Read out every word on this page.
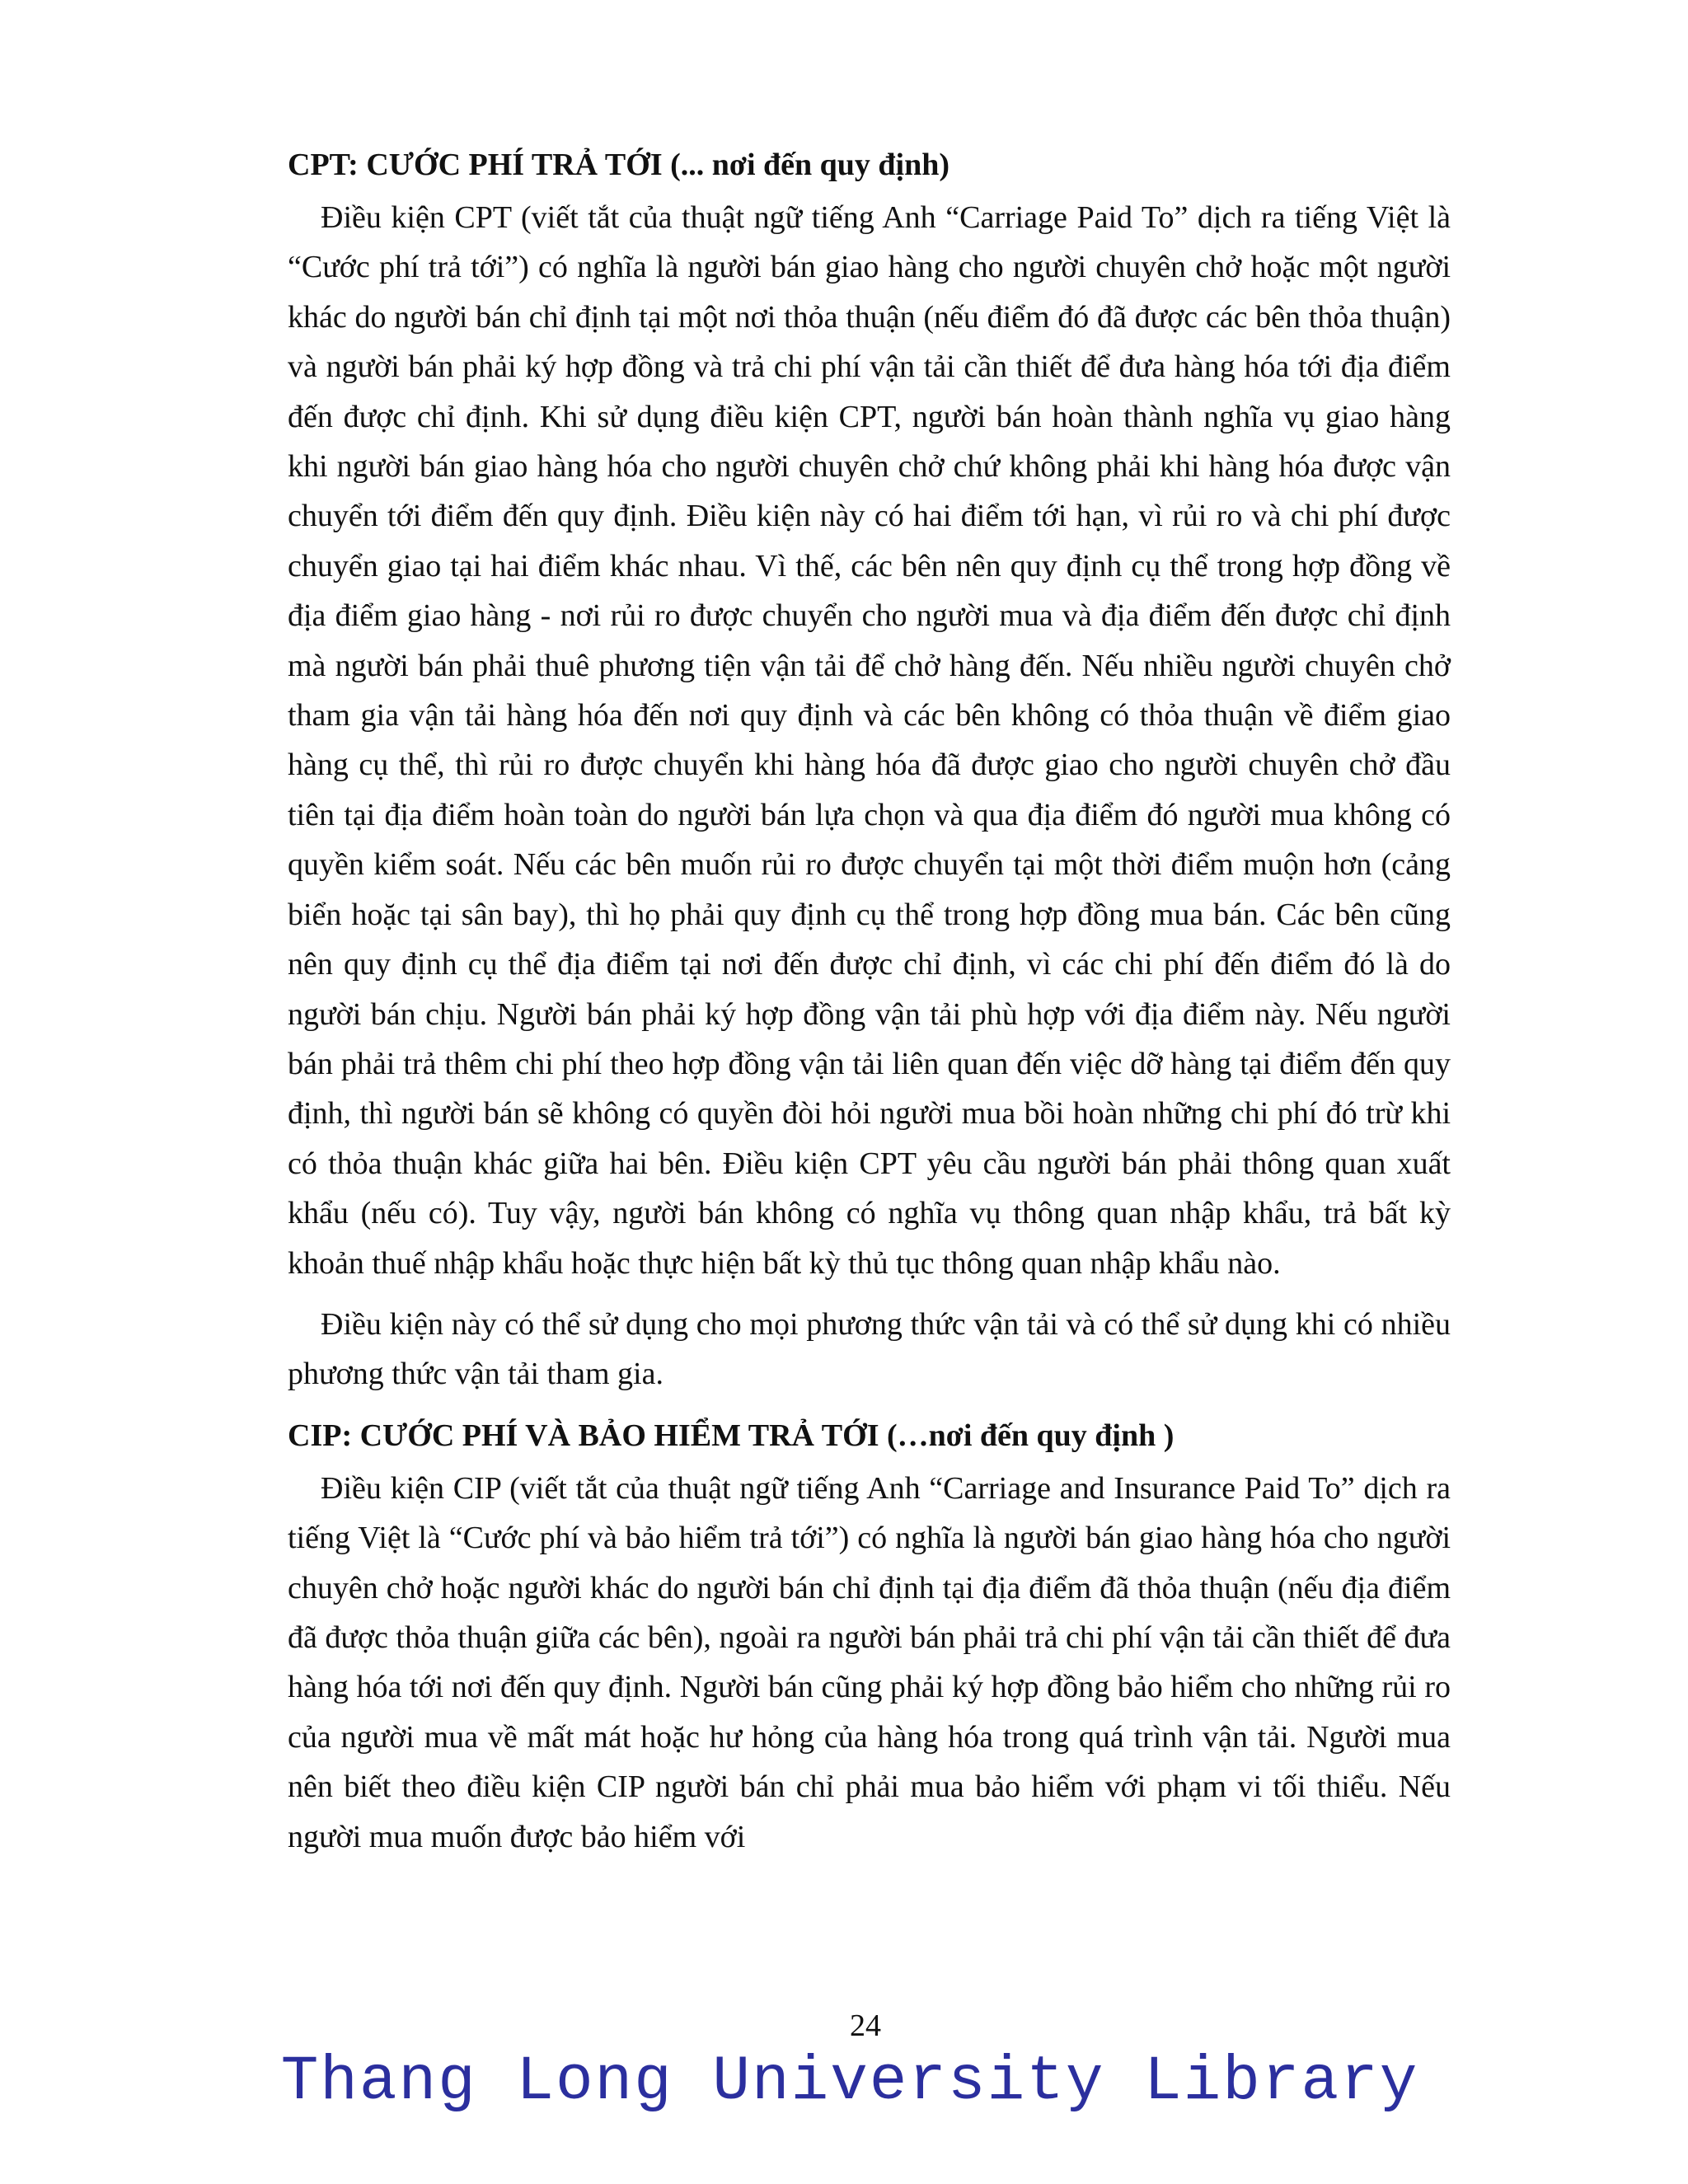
CPT: CƯỚC PHÍ TRẢ TỚI (... nơi đến quy định)

Điều kiện CPT (viết tắt của thuật ngữ tiếng Anh “Carriage Paid To” dịch ra tiếng Việt là “Cước phí trả tới”) có nghĩa là người bán giao hàng cho người chuyên chở hoặc một người khác do người bán chỉ định tại một nơi thỏa thuận (nếu điểm đó đã được các bên thỏa thuận) và người bán phải ký hợp đồng và trả chi phí vận tải cần thiết để đưa hàng hóa tới địa điểm đến được chỉ định. Khi sử dụng điều kiện CPT, người bán hoàn thành nghĩa vụ giao hàng khi người bán giao hàng hóa cho người chuyên chở chứ không phải khi hàng hóa được vận chuyển tới điểm đến quy định. Điều kiện này có hai điểm tới hạn, vì rủi ro và chi phí được chuyển giao tại hai điểm khác nhau. Vì thế, các bên nên quy định cụ thể trong hợp đồng về địa điểm giao hàng - nơi rủi ro được chuyển cho người mua và địa điểm đến được chỉ định mà người bán phải thuê phương tiện vận tải để chở hàng đến. Nếu nhiều người chuyên chở tham gia vận tải hàng hóa đến nơi quy định và các bên không có thỏa thuận về điểm giao hàng cụ thể, thì rủi ro được chuyển khi hàng hóa đã được giao cho người chuyên chở đầu tiên tại địa điểm hoàn toàn do người bán lựa chọn và qua địa điểm đó người mua không có quyền kiểm soát. Nếu các bên muốn rủi ro được chuyển tại một thời điểm muộn hơn (cảng biển hoặc tại sân bay), thì họ phải quy định cụ thể trong hợp đồng mua bán. Các bên cũng nên quy định cụ thể địa điểm tại nơi đến được chỉ định, vì các chi phí đến điểm đó là do người bán chịu. Người bán phải ký hợp đồng vận tải phù hợp với địa điểm này. Nếu người bán phải trả thêm chi phí theo hợp đồng vận tải liên quan đến việc dỡ hàng tại điểm đến quy định, thì người bán sẽ không có quyền đòi hỏi người mua bồi hoàn những chi phí đó trừ khi có thỏa thuận khác giữa hai bên. Điều kiện CPT yêu cầu người bán phải thông quan xuất khẩu (nếu có). Tuy vậy, người bán không có nghĩa vụ thông quan nhập khẩu, trả bất kỳ khoản thuế nhập khẩu hoặc thực hiện bất kỳ thủ tục thông quan nhập khẩu nào.

Điều kiện này có thể sử dụng cho mọi phương thức vận tải và có thể sử dụng khi có nhiều phương thức vận tải tham gia.

CIP: CƯỚC PHÍ VÀ BẢO HIỂM TRẢ TỚI (…nơi đến quy định )

Điều kiện CIP (viết tắt của thuật ngữ tiếng Anh “Carriage and Insurance Paid To” dịch ra tiếng Việt là “Cước phí và bảo hiểm trả tới”) có nghĩa là người bán giao hàng hóa cho người chuyên chở hoặc người khác do người bán chỉ định tại địa điểm đã thỏa thuận (nếu địa điểm đã được thỏa thuận giữa các bên), ngoài ra người bán phải trả chi phí vận tải cần thiết để đưa hàng hóa tới nơi đến quy định. Người bán cũng phải ký hợp đồng bảo hiểm cho những rủi ro của người mua về mất mát hoặc hư hỏng của hàng hóa trong quá trình vận tải. Người mua nên biết theo điều kiện CIP người bán chỉ phải mua bảo hiểm với phạm vi tối thiểu. Nếu người mua muốn được bảo hiểm với

24
Thang Long University Library
